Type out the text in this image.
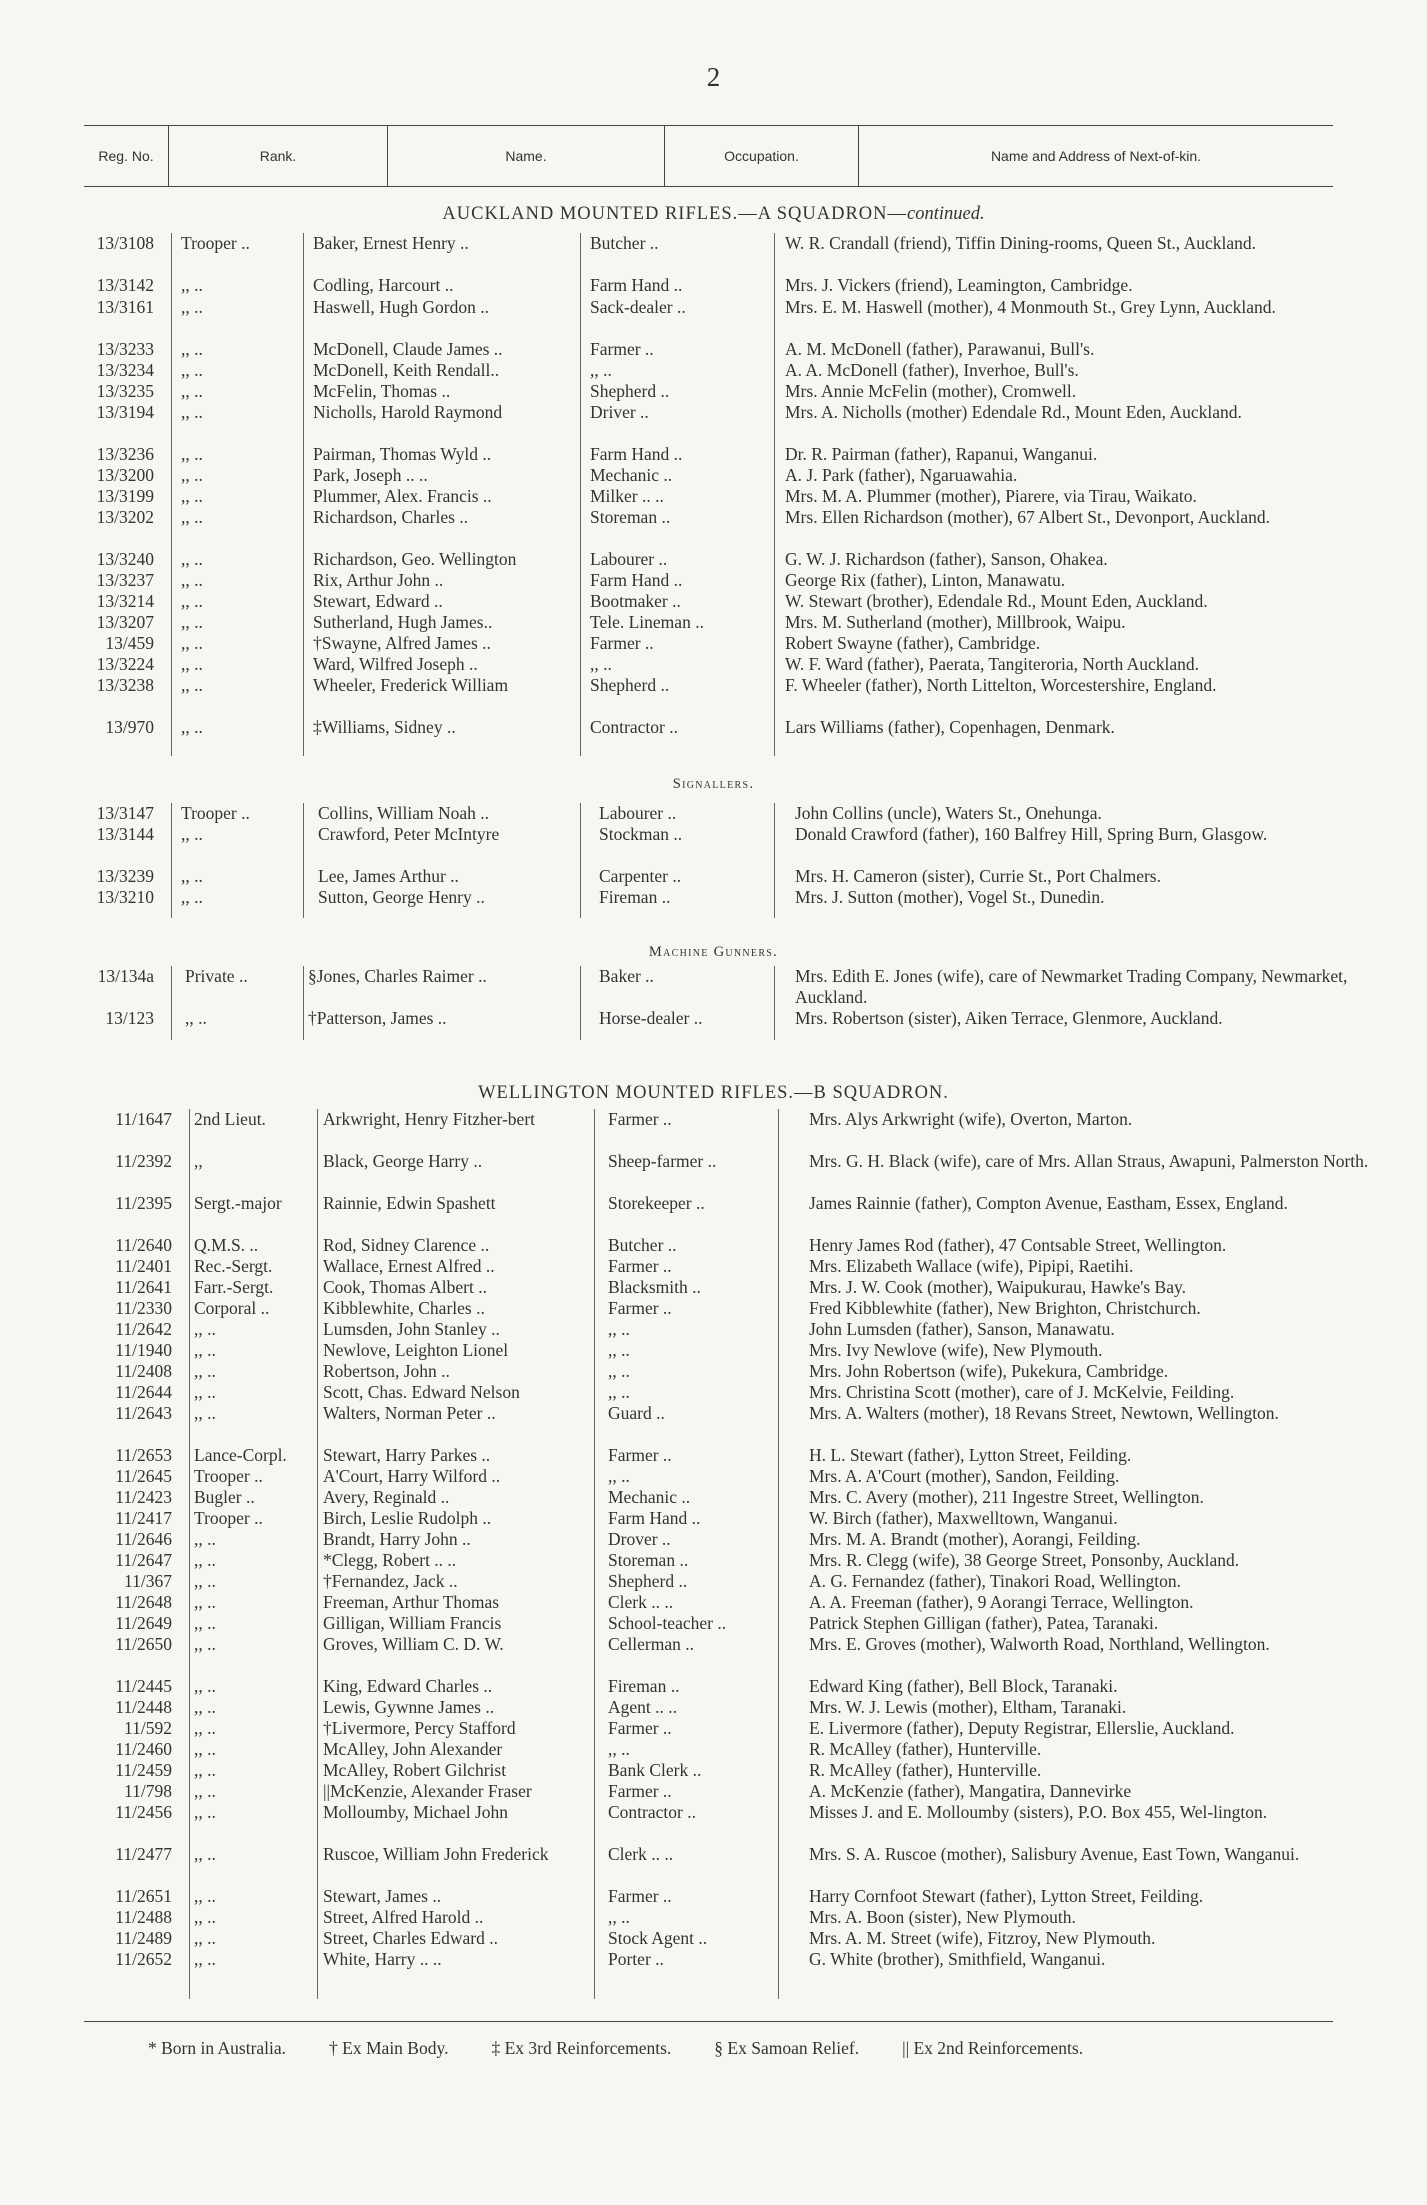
2
Reg. No.	Rank.	Name.	Occupation.	Name and Address of Next-of-kin.
AUCKLAND MOUNTED RIFLES.—A SQUADRON—continued.
13/3108 Trooper ..	Baker, Ernest Henry ..	Butcher ..	W. R. Crandall (friend), Tiffin Dining-rooms, Queen St., Auckland.
13/3142 ,, ..	Codling, Harcourt ..	Farm Hand ..	Mrs. J. Vickers (friend), Leamington, Cambridge.
13/3161 ,, ..	Haswell, Hugh Gordon ..	Sack-dealer ..	Mrs. E. M. Haswell (mother), 4 Monmouth St., Grey Lynn, Auckland.
13/3233 ,, ..	McDonell, Claude James ..	Farmer ..	A. M. McDonell (father), Parawanui, Bull's.
13/3234 ,, ..	McDonell, Keith Rendall..	,, ..	A. A. McDonell (father), Inverhoe, Bull's.
13/3235 ,, ..	McFelin, Thomas ..	Shepherd ..	Mrs. Annie McFelin (mother), Cromwell.
13/3194 ,, ..	Nicholls, Harold Raymond	Driver ..	Mrs. A. Nicholls (mother) Edendale Rd., Mount Eden, Auckland.
13/3236 ,, ..	Pairman, Thomas Wyld ..	Farm Hand ..	Dr. R. Pairman (father), Rapanui, Wanganui.
13/3200 ,, ..	Park, Joseph .. ..	Mechanic ..	A. J. Park (father), Ngaruawahia.
13/3199 ,, ..	Plummer, Alex. Francis ..	Milker .. ..	Mrs. M. A. Plummer (mother), Piarere, via Tirau, Waikato.
13/3202 ,, ..	Richardson, Charles ..	Storeman ..	Mrs. Ellen Richardson (mother), 67 Albert St., Devonport, Auckland.
13/3240 ,, ..	Richardson, Geo. Wellington	Labourer ..	G. W. J. Richardson (father), Sanson, Ohakea.
13/3237 ,, ..	Rix, Arthur John ..	Farm Hand ..	George Rix (father), Linton, Manawatu.
13/3214 ,, ..	Stewart, Edward ..	Bootmaker ..	W. Stewart (brother), Edendale Rd., Mount Eden, Auckland.
13/3207 ,, ..	Sutherland, Hugh James..	Tele. Lineman ..	Mrs. M. Sutherland (mother), Millbrook, Waipu.
13/459 ,, ..	†Swayne, Alfred James ..	Farmer ..	Robert Swayne (father), Cambridge.
13/3224 ,, ..	Ward, Wilfred Joseph ..	,, ..	W. F. Ward (father), Paerata, Tangiteroria, North Auckland.
13/3238 ,, ..	Wheeler, Frederick William	Shepherd ..	F. Wheeler (father), North Littelton, Worcestershire, England.
13/970 ,, ..	‡Williams, Sidney ..	Contractor ..	Lars Williams (father), Copenhagen, Denmark.
Signallers.
13/3147 Trooper ..	Collins, William Noah ..	Labourer ..	John Collins (uncle), Waters St., Onehunga.
13/3144 ,, ..	Crawford, Peter McIntyre	Stockman ..	Donald Crawford (father), 160 Balfrey Hill, Spring Burn, Glasgow.
13/3239 ,, ..	Lee, James Arthur ..	Carpenter ..	Mrs. H. Cameron (sister), Currie St., Port Chalmers.
13/3210 ,, ..	Sutton, George Henry ..	Fireman ..	Mrs. J. Sutton (mother), Vogel St., Dunedin.
Machine Gunners.
13/134a Private ..	§Jones, Charles Raimer ..	Baker ..	Mrs. Edith E. Jones (wife), care of Newmarket Trading Company, Newmarket, Auckland.
13/123 ,, ..	†Patterson, James ..	Horse-dealer ..	Mrs. Robertson (sister), Aiken Terrace, Glenmore, Auckland.
WELLINGTON MOUNTED RIFLES.—B SQUADRON.
11/1647 2nd Lieut.	Arkwright, Henry Fitzher-bert	Farmer ..	Mrs. Alys Arkwright (wife), Overton, Marton.
11/2392 ,,	Black, George Harry ..	Sheep-farmer ..	Mrs. G. H. Black (wife), care of Mrs. Allan Straus, Awapuni, Palmerston North.
11/2395 Sergt.-major	Rainnie, Edwin Spashett	Storekeeper ..	James Rainnie (father), Compton Avenue, Eastham, Essex, England.
11/2640 Q.M.S. ..	Rod, Sidney Clarence ..	Butcher ..	Henry James Rod (father), 47 Contsable Street, Wellington.
11/2401 Rec.-Sergt.	Wallace, Ernest Alfred ..	Farmer ..	Mrs. Elizabeth Wallace (wife), Pipipi, Raetihi.
11/2641 Farr.-Sergt.	Cook, Thomas Albert ..	Blacksmith ..	Mrs. J. W. Cook (mother), Waipukurau, Hawke's Bay.
11/2330 Corporal ..	Kibblewhite, Charles ..	Farmer ..	Fred Kibblewhite (father), New Brighton, Christchurch.
11/2642 ,, ..	Lumsden, John Stanley ..	,, ..	John Lumsden (father), Sanson, Manawatu.
11/1940 ,, ..	Newlove, Leighton Lionel	,, ..	Mrs. Ivy Newlove (wife), New Plymouth.
11/2408 ,, ..	Robertson, John ..	,, ..	Mrs. John Robertson (wife), Pukekura, Cambridge.
11/2644 ,, ..	Scott, Chas. Edward Nelson	,, ..	Mrs. Christina Scott (mother), care of J. McKelvie, Feilding.
11/2643 ,, ..	Walters, Norman Peter ..	Guard ..	Mrs. A. Walters (mother), 18 Revans Street, Newtown, Wellington.
11/2653 Lance-Corpl.	Stewart, Harry Parkes ..	Farmer ..	H. L. Stewart (father), Lytton Street, Feilding.
11/2645 Trooper ..	A'Court, Harry Wilford ..	,, ..	Mrs. A. A'Court (mother), Sandon, Feilding.
11/2423 Bugler ..	Avery, Reginald ..	Mechanic ..	Mrs. C. Avery (mother), 211 Ingestre Street, Wellington.
11/2417 Trooper ..	Birch, Leslie Rudolph ..	Farm Hand ..	W. Birch (father), Maxwelltown, Wanganui.
11/2646 ,, ..	Brandt, Harry John ..	Drover ..	Mrs. M. A. Brandt (mother), Aorangi, Feilding.
11/2647 ,, ..	*Clegg, Robert .. ..	Storeman ..	Mrs. R. Clegg (wife), 38 George Street, Ponsonby, Auckland.
11/367 ,, ..	†Fernandez, Jack ..	Shepherd ..	A. G. Fernandez (father), Tinakori Road, Wellington.
11/2648 ,, ..	Freeman, Arthur Thomas	Clerk .. ..	A. A. Freeman (father), 9 Aorangi Terrace, Wellington.
11/2649 ,, ..	Gilligan, William Francis	School-teacher ..	Patrick Stephen Gilligan (father), Patea, Taranaki.
11/2650 ,, ..	Groves, William C. D. W.	Cellerman ..	Mrs. E. Groves (mother), Walworth Road, Northland, Wellington.
11/2445 ,, ..	King, Edward Charles ..	Fireman ..	Edward King (father), Bell Block, Taranaki.
11/2448 ,, ..	Lewis, Gywnne James ..	Agent .. ..	Mrs. W. J. Lewis (mother), Eltham, Taranaki.
11/592 ,, ..	†Livermore, Percy Stafford	Farmer ..	E. Livermore (father), Deputy Registrar, Ellerslie, Auckland.
11/2460 ,, ..	McAlley, John Alexander	,, ..	R. McAlley (father), Hunterville.
11/2459 ,, ..	McAlley, Robert Gilchrist	Bank Clerk ..	R. McAlley (father), Hunterville.
11/798 ,, ..	||McKenzie, Alexander Fraser	Farmer ..	A. McKenzie (father), Mangatira, Dannevirke
11/2456 ,, ..	Molloumby, Michael John	Contractor ..	Misses J. and E. Molloumby (sisters), P.O. Box 455, Wel-lington.
11/2477 ,, ..	Ruscoe, William John Frederick	Clerk .. ..	Mrs. S. A. Ruscoe (mother), Salisbury Avenue, East Town, Wanganui.
11/2651 ,, ..	Stewart, James ..	Farmer ..	Harry Cornfoot Stewart (father), Lytton Street, Feilding.
11/2488 ,, ..	Street, Alfred Harold ..	,, ..	Mrs. A. Boon (sister), New Plymouth.
11/2489 ,, ..	Street, Charles Edward ..	Stock Agent ..	Mrs. A. M. Street (wife), Fitzroy, New Plymouth.
11/2652 ,, ..	White, Harry .. ..	Porter ..	G. White (brother), Smithfield, Wanganui.
* Born in Australia. † Ex Main Body. ‡ Ex 3rd Reinforcements. § Ex Samoan Relief. || Ex 2nd Reinforcements.
